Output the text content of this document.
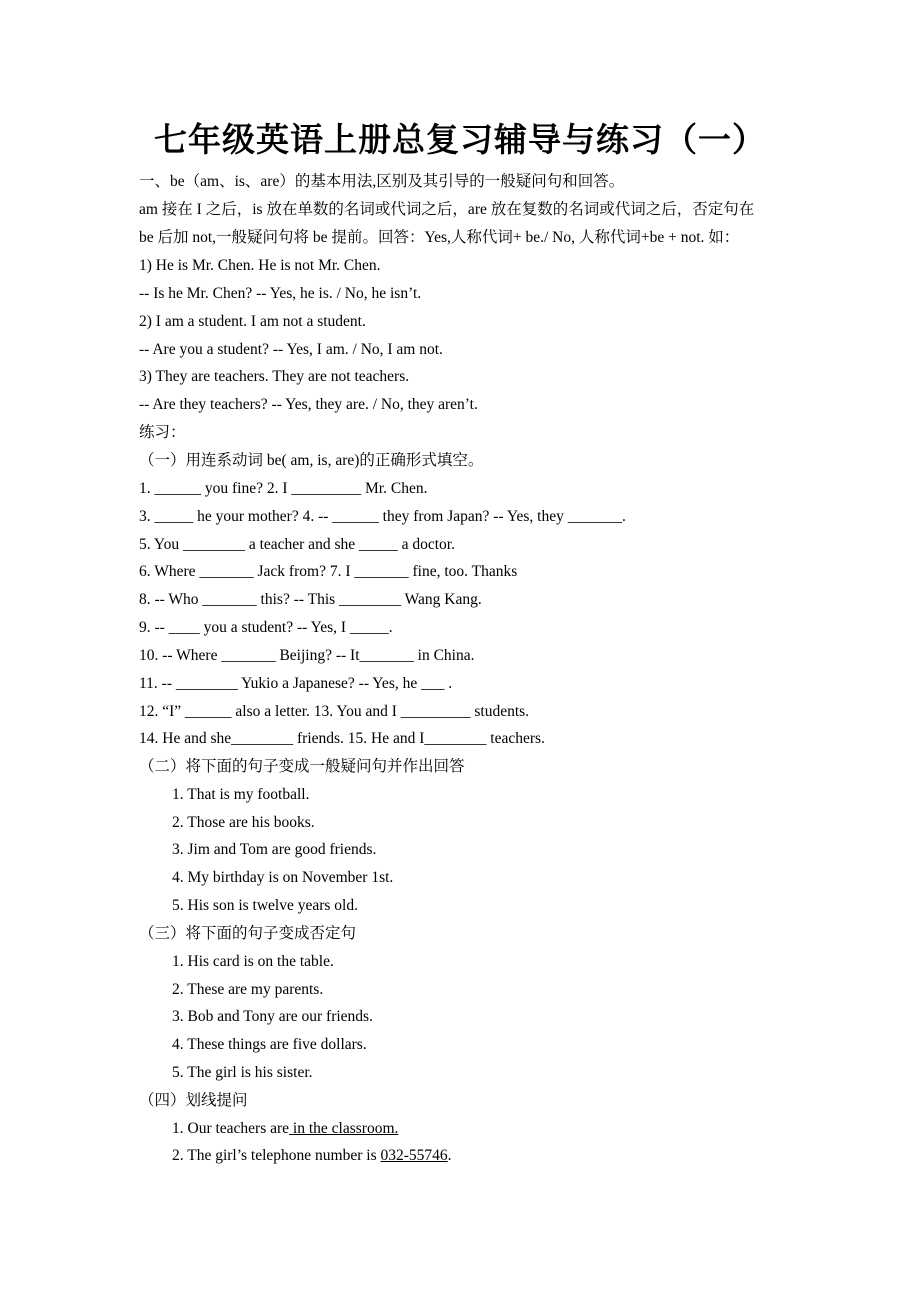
七年级英语上册总复习辅导与练习（一）
一、be（am、is、are）的基本用法,区别及其引导的一般疑问句和回答。
am 接在 I 之后，is 放在单数的名词或代词之后，are 放在复数的名词或代词之后，否定句在
be 后加 not,一般疑问句将 be 提前。回答：Yes,人称代词+ be./ No, 人称代词+be + not. 如：
1) He is Mr. Chen. He is not Mr. Chen.
-- Is he Mr. Chen? -- Yes, he is. / No, he isn’t.
2) I am a student. I am not a student.
-- Are you a student? -- Yes, I am. / No, I am not.
3) They are teachers. They are not teachers.
-- Are they teachers? -- Yes, they are. / No, they aren’t.
练习：
（一）用连系动词 be( am, is, are)的正确形式填空。
1. ______ you fine? 2. I _________ Mr. Chen.
3. _____ he your mother? 4. -- ______ they from Japan? -- Yes, they _______.
5. You ________ a teacher and she _____ a doctor.
6. Where _______ Jack from? 7. I _______ fine, too. Thanks
8. -- Who _______ this? -- This ________ Wang Kang.
9. -- ____ you a student? -- Yes, I _____.
10. -- Where _______ Beijing? -- It_______ in China.
11. -- ________ Yukio a Japanese? -- Yes, he ___ .
12. “I” ______ also a letter. 13. You and I _________ students.
14. He and she________ friends. 15. He and I________ teachers.
（二）将下面的句子变成一般疑问句并作出回答
1. That is my football.
2. Those are his books.
3. Jim and Tom are good friends.
4. My birthday is on November 1st.
5. His son is twelve years old.
（三）将下面的句子变成否定句
1. His card is on the table.
2. These are my parents.
3. Bob and Tony are our friends.
4. These things are five dollars.
5. The girl is his sister.
（四）划线提问
1. Our teachers are in the classroom.
2. The girl’s telephone number is 032-55746.
